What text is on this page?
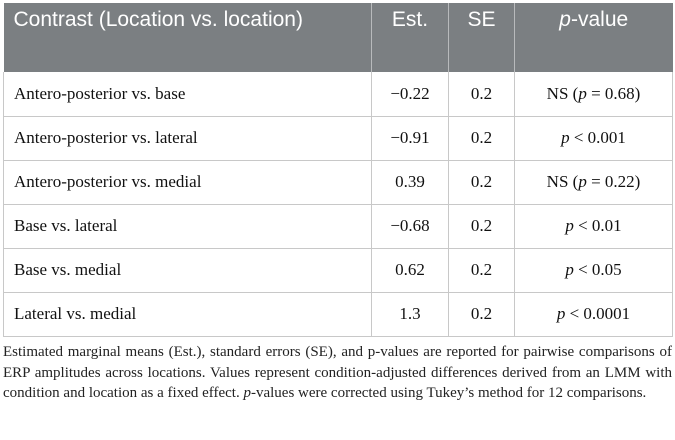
Contrast (Location vs. location)	Est.	SE	p-value
Antero-posterior vs. base	−0.22	0.2	NS (p = 0.68)
Antero-posterior vs. lateral	−0.91	0.2	p < 0.001
Antero-posterior vs. medial	0.39	0.2	NS (p = 0.22)
Base vs. lateral	−0.68	0.2	p < 0.01
Base vs. medial	0.62	0.2	p < 0.05
Lateral vs. medial	1.3	0.2	p < 0.0001

Estimated marginal means (Est.), standard errors (SE), and p-values are reported for pairwise comparisons of ERP amplitudes across locations. Values represent condition-adjusted differences derived from an LMM with condition and location as a fixed effect. p-values were corrected using Tukey’s method for 12 comparisons.
